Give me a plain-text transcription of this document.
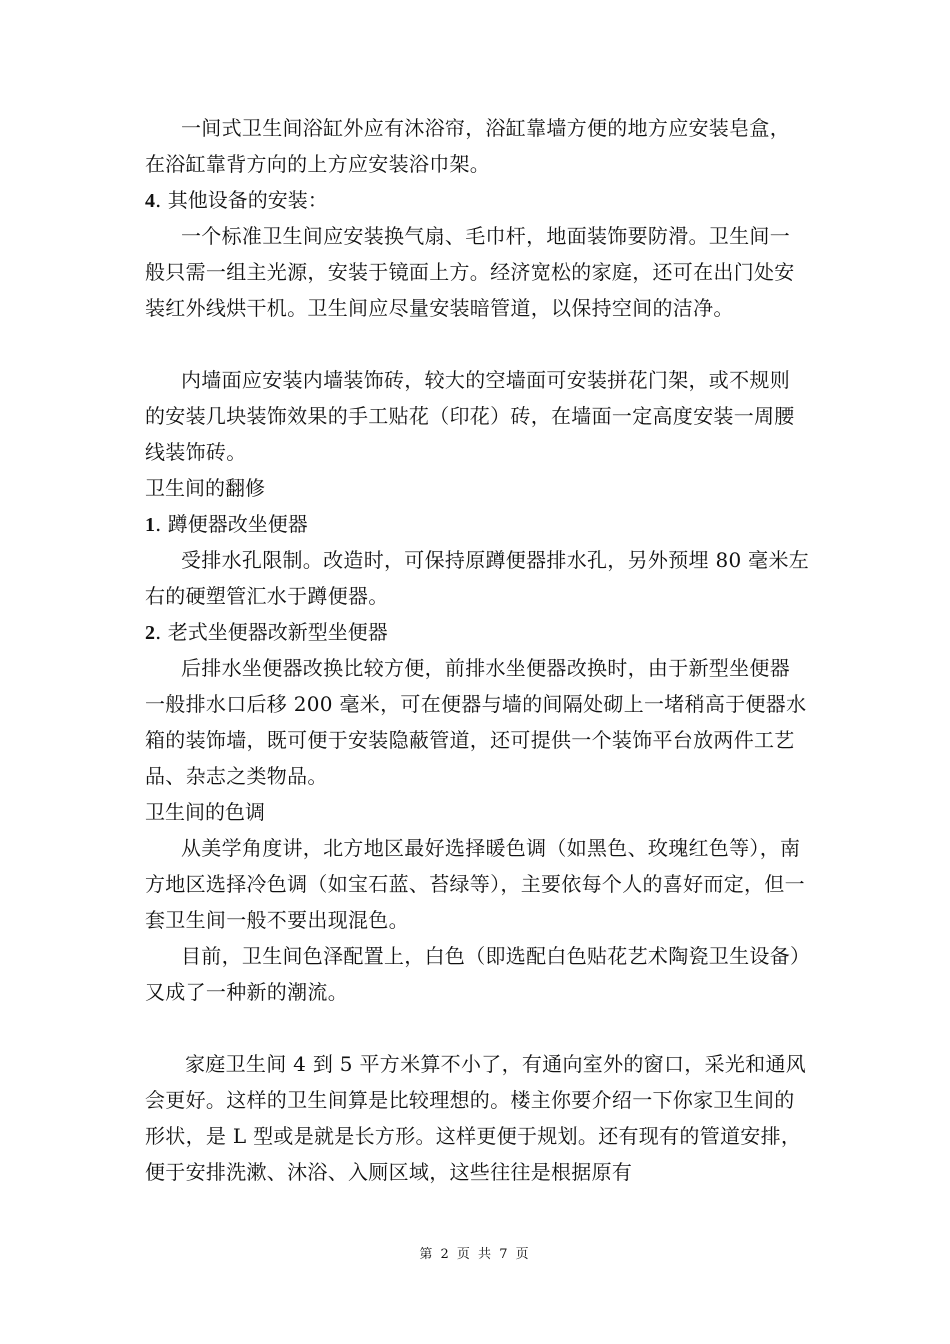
一间式卫生间浴缸外应有沐浴帘，浴缸靠墙方便的地方应安装皂盒，在浴缸靠背方向的上方应安装浴巾架。

4. 其他设备的安装：

一个标准卫生间应安装换气扇、毛巾杆，地面装饰要防滑。卫生间一般只需一组主光源，安装于镜面上方。经济宽松的家庭，还可在出门处安装红外线烘干机。卫生间应尽量安装暗管道，以保持空间的洁净。

内墙面应安装内墙装饰砖，较大的空墙面可安装拼花门架，或不规则的安装几块装饰效果的手工贴花（印花）砖，在墙面一定高度安装一周腰线装饰砖。

卫生间的翻修

1. 蹲便器改坐便器

受排水孔限制。改造时，可保持原蹲便器排水孔，另外预埋 80 毫米左右的硬塑管汇水于蹲便器。

2. 老式坐便器改新型坐便器

后排水坐便器改换比较方便，前排水坐便器改换时，由于新型坐便器一般排水口后移 200 毫米，可在便器与墙的间隔处砌上一堵稍高于便器水箱的装饰墙，既可便于安装隐蔽管道，还可提供一个装饰平台放两件工艺品、杂志之类物品。

卫生间的色调

从美学角度讲，北方地区最好选择暖色调（如黑色、玫瑰红色等），南方地区选择冷色调（如宝石蓝、苔绿等），主要依每个人的喜好而定，但一套卫生间一般不要出现混色。

目前，卫生间色泽配置上，白色（即选配白色贴花艺术陶瓷卫生设备）又成了一种新的潮流。

家庭卫生间 4 到 5 平方米算不小了，有通向室外的窗口，采光和通风会更好。这样的卫生间算是比较理想的。楼主你要介绍一下你家卫生间的形状，是 L 型或是就是长方形。这样更便于规划。还有现有的管道安排，便于安排洗漱、沐浴、入厕区域，这些往往是根据原有

第 2 页 共 7 页
